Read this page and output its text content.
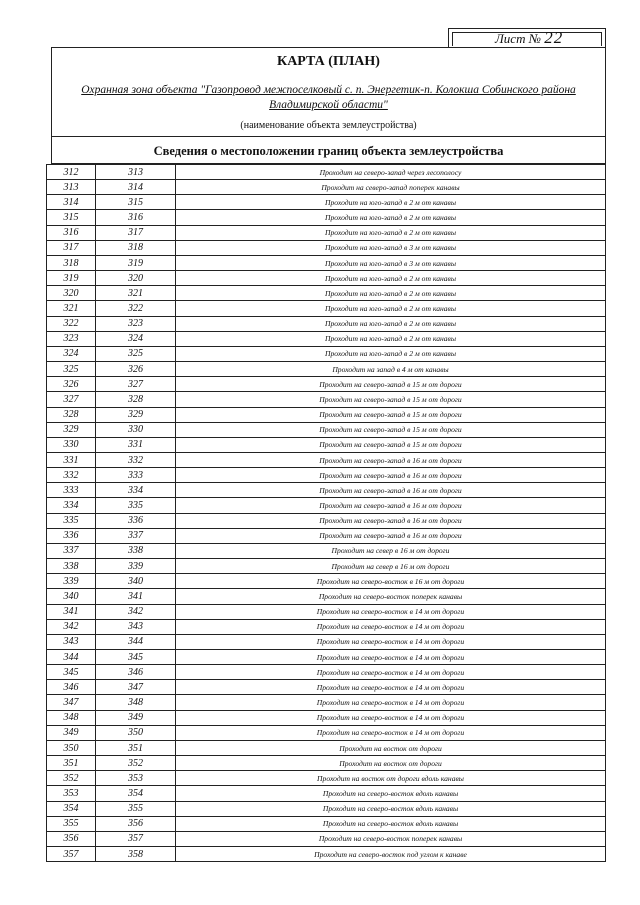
Лист № 22
КАРТА (ПЛАН)
Охранная зона объекта "Газопровод межпоселковый с. п. Энергетик-п. Колокша Собинского района Владимирской области"
(наименование объекта землеустройства)
Сведения о местоположении границ объекта землеустройства
312	313	Проходит на северо-запад через лесополосу
313	314	Проходит на северо-запад поперек канавы
314	315	Проходит на юго-запад в 2 м от канавы
315	316	Проходит на юго-запад в 2 м от канавы
316	317	Проходит на юго-запад в 2 м от канавы
317	318	Проходит на юго-запад в 3 м от канавы
318	319	Проходит на юго-запад в 3 м от канавы
319	320	Проходит на юго-запад в 2 м от канавы
320	321	Проходит на юго-запад в 2 м от канавы
321	322	Проходит на юго-запад в 2 м от канавы
322	323	Проходит на юго-запад в 2 м от канавы
323	324	Проходит на юго-запад в 2 м от канавы
324	325	Проходит на юго-запад в 2 м от канавы
325	326	Проходит на запад в 4 м от канавы
326	327	Проходит на северо-запад в 15 м от дороги
327	328	Проходит на северо-запад в 15 м от дороги
328	329	Проходит на северо-запад в 15 м от дороги
329	330	Проходит на северо-запад в 15 м от дороги
330	331	Проходит на северо-запад в 15 м от дороги
331	332	Проходит на северо-запад в 16 м от дороги
332	333	Проходит на северо-запад в 16 м от дороги
333	334	Проходит на северо-запад в 16 м от дороги
334	335	Проходит на северо-запад в 16 м от дороги
335	336	Проходит на северо-запад в 16 м от дороги
336	337	Проходит на северо-запад в 16 м от дороги
337	338	Проходит на север в 16 м от дороги
338	339	Проходит на север в 16 м от дороги
339	340	Проходит на северо-восток в 16 м от дороги
340	341	Проходит на северо-восток поперек канавы
341	342	Проходит на северо-восток в 14 м от дороги
342	343	Проходит на северо-восток в 14 м от дороги
343	344	Проходит на северо-восток в 14 м от дороги
344	345	Проходит на северо-восток в 14 м от дороги
345	346	Проходит на северо-восток в 14 м от дороги
346	347	Проходит на северо-восток в 14 м от дороги
347	348	Проходит на северо-восток в 14 м от дороги
348	349	Проходит на северо-восток в 14 м от дороги
349	350	Проходит на северо-восток в 14 м от дороги
350	351	Проходит на восток от дороги
351	352	Проходит на восток от дороги
352	353	Проходит на восток от дороги вдоль канавы
353	354	Проходит на северо-восток вдоль канавы
354	355	Проходит на северо-восток вдоль канавы
355	356	Проходит на северо-восток вдоль канавы
356	357	Проходит на северо-восток поперек канавы
357	358	Проходит на северо-восток под углом к канаве
